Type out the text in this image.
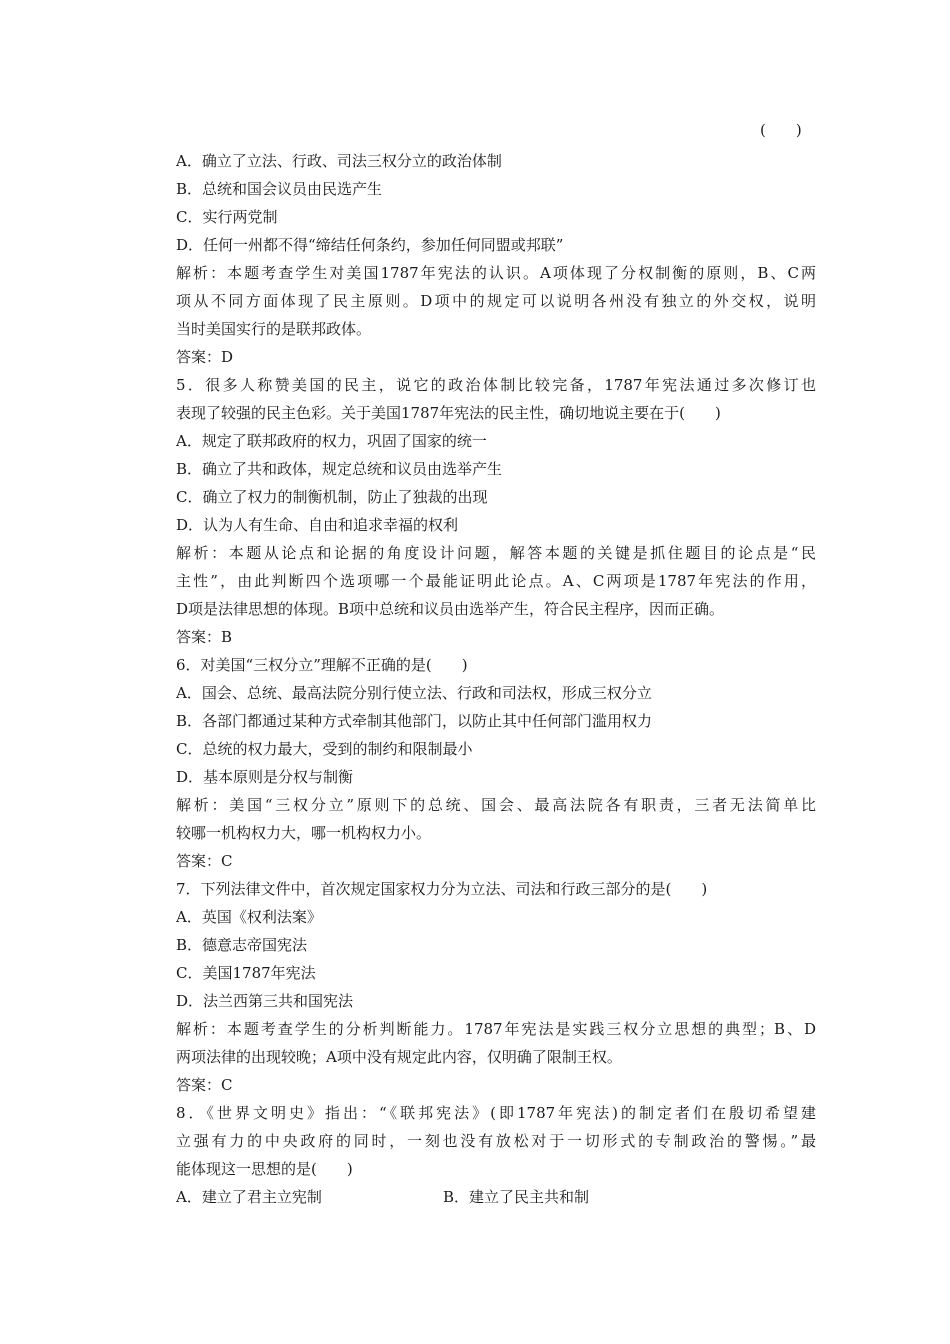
(　　)
A．确立了立法、行政、司法三权分立的政治体制
B．总统和国会议员由民选产生
C．实行两党制
D．任何一州都不得“缔结任何条约，参加任何同盟或邦联”
解析：本题考查学生对美国1787年宪法的认识。A项体现了分权制衡的原则，B、C两
项从不同方面体现了民主原则。D项中的规定可以说明各州没有独立的外交权，说明
当时美国实行的是联邦政体。
答案：D
5．很多人称赞美国的民主，说它的政治体制比较完备，1787年宪法通过多次修订也
表现了较强的民主色彩。关于美国1787年宪法的民主性，确切地说主要在于(　　)
A．规定了联邦政府的权力，巩固了国家的统一
B．确立了共和政体，规定总统和议员由选举产生
C．确立了权力的制衡机制，防止了独裁的出现
D．认为人有生命、自由和追求幸福的权利
解析：本题从论点和论据的角度设计问题，解答本题的关键是抓住题目的论点是“民
主性”，由此判断四个选项哪一个最能证明此论点。A、C两项是1787年宪法的作用，
D项是法律思想的体现。B项中总统和议员由选举产生，符合民主程序，因而正确。
答案：B
6．对美国“三权分立”理解不正确的是(　　)
A．国会、总统、最高法院分别行使立法、行政和司法权，形成三权分立
B．各部门都通过某种方式牵制其他部门，以防止其中任何部门滥用权力
C．总统的权力最大，受到的制约和限制最小
D．基本原则是分权与制衡
解析：美国“三权分立”原则下的总统、国会、最高法院各有职责，三者无法简单比
较哪一机构权力大，哪一机构权力小。
答案：C
7．下列法律文件中，首次规定国家权力分为立法、司法和行政三部分的是(　　)
A．英国《权利法案》
B．德意志帝国宪法
C．美国1787年宪法
D．法兰西第三共和国宪法
解析：本题考查学生的分析判断能力。1787年宪法是实践三权分立思想的典型；B、D
两项法律的出现较晚；A项中没有规定此内容，仅明确了限制王权。
答案：C
8．《世界文明史》指出：“《联邦宪法》(即1787年宪法)的制定者们在殷切希望建
立强有力的中央政府的同时，一刻也没有放松对于一切形式的专制政治的警惕。”最
能体现这一思想的是(　　)
A．建立了君主立宪制	B．建立了民主共和制
